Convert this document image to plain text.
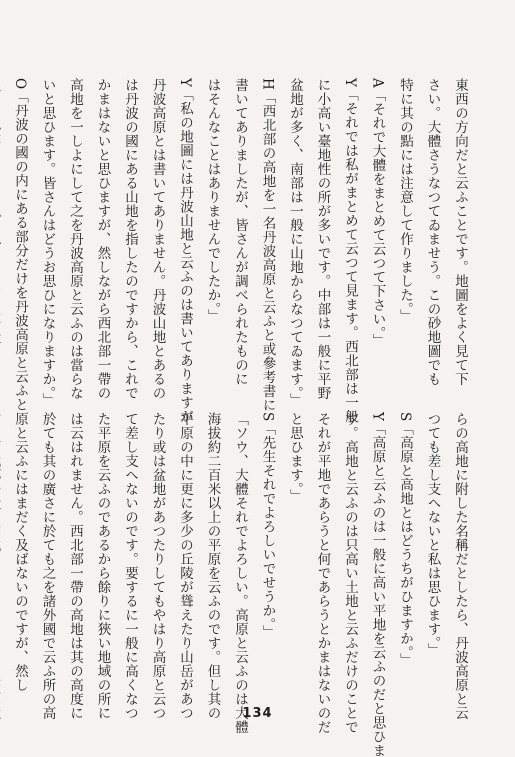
東西の方向だと云ふことです。地圖をよく見て下
さい。大體さうなつてゐませう。この砂地圖でも
特に其の點には注意して作りました。」
A「それで大體をまとめて云つて下さい。」
Y「それでは私がまとめて云つて見ます。西北部は一般
に小高い臺地性の所が多いです。中部は一般に平野
盆地が多く、南部は一般に山地からなつてゐます。」
H「西北部の高地を一名丹波高原と云ふと或參考書に
書いてありましたが、皆さんが調べられたものに
はそんなことはありませんでしたか。」
Y「私の地圖には丹波山地と云ふのは書いてありますが
丹波高原とは書いてありません。丹波山地とあるの
は丹波の國にある山地を指したのですから、これで
かまはないと思ひますが、然しながら西北部一帶の
高地を一しよにして之を丹波高原と云ふのは當らな
いと思ひます。皆さんはどうお思ひになりますか。」
O「丹波の國の内にある部分だけを丹波高原と云ふと
らの高地に附した名稱だとしたら、丹波高原と云
つても差し支へないと私は思ひます。」
S「高原と高地とはどうちがひますか。」
Y「高原と云ふのは一般に高い平地を云ふのだと思ひま
す。高地と云ふのは只高い土地と云ふだけのことで
それが平地であらうと何であらうとかまはないのだ
と思ひます。」
S「先生それでよろしいでせうか。」
「ソウ、大體それでよろしい。高原と云ふのは大體
海拔約二百米以上の平原を云ふのです。但し其の
平原の中に更に多少の丘陵が聳えたり山岳があつ
たり或は盆地があつたりしてもやはり高原と云つ
て差し支へないのです。要するに一般に高くなつ
た平原を云ふのであるから餘りに狹い地域の所に
は云はれません。西北部一帶の高地は其の高度に
於ても其の廣さに於ても之を諸外國で云ふ所の高
原と云ふにはまだく及ばないのですが、然し
134
